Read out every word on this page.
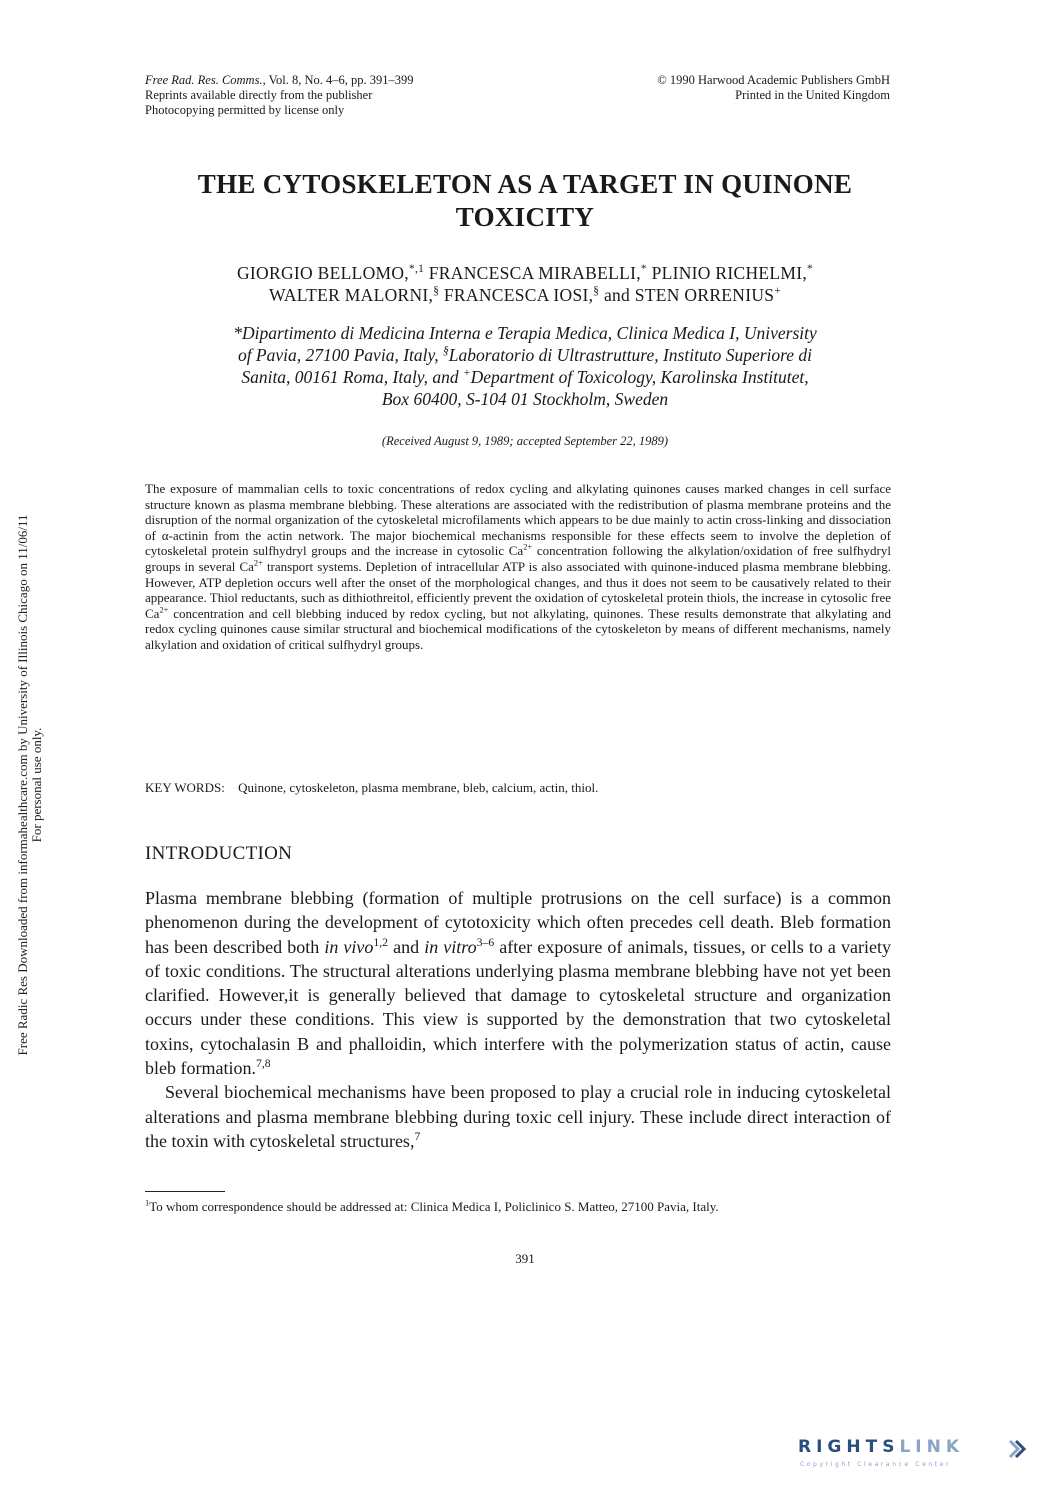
Free Rad. Res. Comms., Vol. 8, No. 4–6, pp. 391–399
Reprints available directly from the publisher
Photocopying permitted by license only
© 1990 Harwood Academic Publishers GmbH
Printed in the United Kingdom
THE CYTOSKELETON AS A TARGET IN QUINONE
TOXICITY
GIORGIO BELLOMO,$^{*,1}$ FRANCESCA MIRABELLI,* PLINIO RICHELMI,*
WALTER MALORNI,§ FRANCESCA IOSI,§ and STEN ORRENIUS+
*Dipartimento di Medicina Interna e Terapia Medica, Clinica Medica I, University
of Pavia, 27100 Pavia, Italy, §Laboratorio di Ultrastrutture, Instituto Superiore di
Sanita, 00161 Roma, Italy, and +Department of Toxicology, Karolinska Institutet,
Box 60400, S-104 01 Stockholm, Sweden
(Received August 9, 1989; accepted September 22, 1989)
The exposure of mammalian cells to toxic concentrations of redox cycling and alkylating quinones causes marked changes in cell surface structure known as plasma membrane blebbing. These alterations are associated with the redistribution of plasma membrane proteins and the disruption of the normal organization of the cytoskeletal microfilaments which appears to be due mainly to actin cross-linking and dissociation of α-actinin from the actin network. The major biochemical mechanisms responsible for these effects seem to involve the depletion of cytoskeletal protein sulfhydryl groups and the increase in cytosolic $Ca^{2+}$ concentration following the alkylation/oxidation of free sulfhydryl groups in several $Ca^{2+}$ transport systems. Depletion of intracellular ATP is also associated with quinone-induced plasma membrane blebbing. However, ATP depletion occurs well after the onset of the morphological changes, and thus it does not seem to be causatively related to their appearance. Thiol reductants, such as dithiothreitol, efficiently prevent the oxidation of cytoskeletal protein thiols, the increase in cytosolic free $Ca^{2+}$ concentration and cell blebbing induced by redox cycling, but not alkylating, quinones. These results demonstrate that alkylating and redox cycling quinones cause similar structural and biochemical modifications of the cytoskeleton by means of different mechanisms, namely alkylation and oxidation of critical sulfhydryl groups.
KEY WORDS: Quinone, cytoskeleton, plasma membrane, bleb, calcium, actin, thiol.
INTRODUCTION

Plasma membrane blebbing (formation of multiple protrusions on the cell surface) is a common phenomenon during the development of cytotoxicity which often precedes cell death. Bleb formation has been described both in vivo$^{1,2}$ and in vitro$^{3-6}$ after exposure of animals, tissues, or cells to a variety of toxic conditions. The structural alterations underlying plasma membrane blebbing have not yet been clarified. However,it is generally believed that damage to cytoskeletal structure and organization occurs under these conditions. This view is supported by the demonstration that two cytoskeletal toxins, cytochalasin B and phalloidin, which interfere with the polymerization status of actin, cause bleb formation.$^{7,8}$

Several biochemical mechanisms have been proposed to play a crucial role in inducing cytoskeletal alterations and plasma membrane blebbing during toxic cell injury. These include direct interaction of the toxin with cytoskeletal structures,$^7$

$^1$To whom correspondence should be addressed at: Clinica Medica I, Policlinico S. Matteo, 27100 Pavia, Italy.
391
Free Radic Res Downloaded from informahealthcare.com by University of Illinois Chicago on 11/06/11 For personal use only.
RIGHTSLINK
Copyright Clearance Center
